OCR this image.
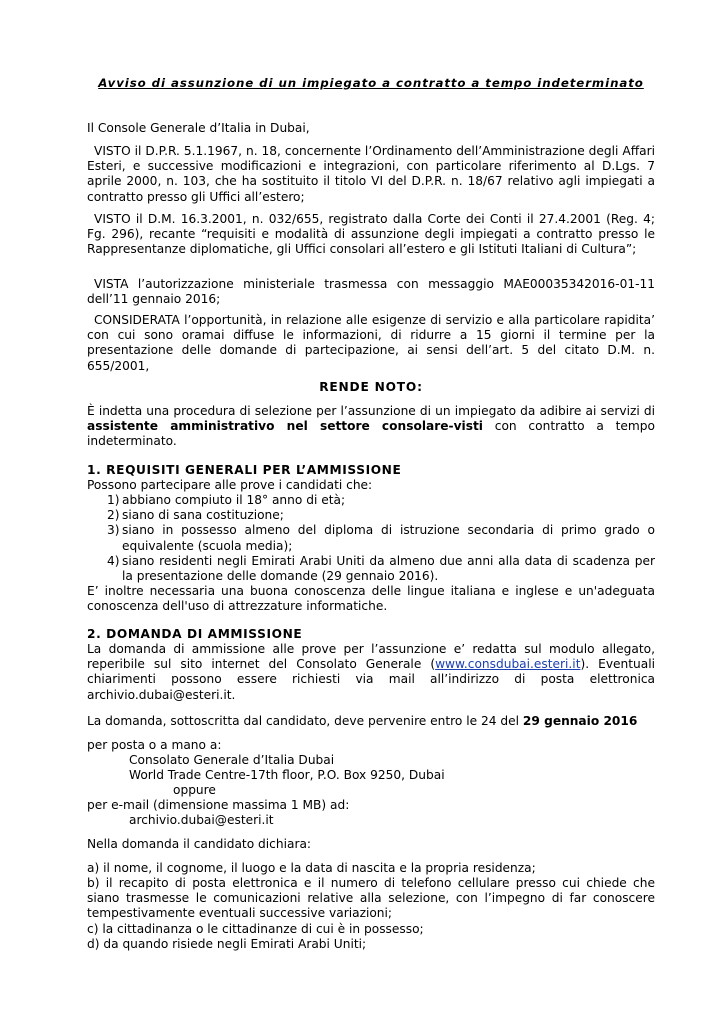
Avviso di assunzione di un impiegato a contratto a tempo indeterminato
Il Console Generale d’Italia in Dubai,
VISTO il D.P.R. 5.1.1967, n. 18, concernente l’Ordinamento dell’Amministrazione degli Affari Esteri, e successive modificazioni e integrazioni, con particolare riferimento al D.Lgs. 7 aprile 2000, n. 103, che ha sostituito il titolo VI del D.P.R. n. 18/67 relativo agli impiegati a contratto presso gli Uffici all’estero;
VISTO il D.M. 16.3.2001, n. 032/655, registrato dalla Corte dei Conti il 27.4.2001 (Reg. 4; Fg. 296), recante “requisiti e modalità di assunzione degli impiegati a contratto presso le Rappresentanze diplomatiche, gli Uffici consolari all’estero e gli Istituti Italiani di Cultura”;
VISTA l’autorizzazione ministeriale trasmessa con messaggio MAE00035342016-01-11 dell’11 gennaio 2016;
CONSIDERATA l’opportunità, in relazione alle esigenze di servizio e alla particolare rapidita’ con cui sono oramai diffuse le informazioni, di ridurre a 15 giorni il termine per la presentazione delle domande di partecipazione, ai sensi dell’art. 5 del citato D.M. n. 655/2001,
RENDE NOTO:
È indetta una procedura di selezione per l’assunzione di un impiegato da adibire ai servizi di assistente amministrativo nel settore consolare-visti con contratto a tempo indeterminato.
1. REQUISITI GENERALI PER L’AMMISSIONE
Possono partecipare alle prove i candidati che:
1) abbiano compiuto il 18° anno di età;
2) siano di sana costituzione;
3) siano in possesso almeno del diploma di istruzione secondaria di primo grado o equivalente (scuola media);
4) siano residenti negli Emirati Arabi Uniti da almeno due anni alla data di scadenza per la presentazione delle domande (29 gennaio 2016).
E’ inoltre necessaria una buona conoscenza delle lingue italiana e inglese e un'adeguata conoscenza dell'uso di attrezzature informatiche.
2. DOMANDA DI AMMISSIONE
La domanda di ammissione alle prove per l’assunzione e’ redatta sul modulo allegato, reperibile sul sito internet del Consolato Generale (www.consdubai.esteri.it). Eventuali chiarimenti possono essere richiesti via mail all’indirizzo di posta elettronica archivio.dubai@esteri.it.
La domanda, sottoscritta dal candidato, deve pervenire entro le 24 del 29 gennaio 2016
per posta o a mano a:
Consolato Generale d’Italia Dubai
World Trade Centre-17th floor, P.O. Box 9250, Dubai
oppure
per e-mail (dimensione massima 1 MB) ad:
archivio.dubai@esteri.it
Nella domanda il candidato dichiara:
a) il nome, il cognome, il luogo e la data di nascita e la propria residenza;
b) il recapito di posta elettronica e il numero di telefono cellulare presso cui chiede che siano trasmesse le comunicazioni relative alla selezione, con l’impegno di far conoscere tempestivamente eventuali successive variazioni;
c) la cittadinanza o le cittadinanze di cui è in possesso;
d) da quando risiede negli Emirati Arabi Uniti;
